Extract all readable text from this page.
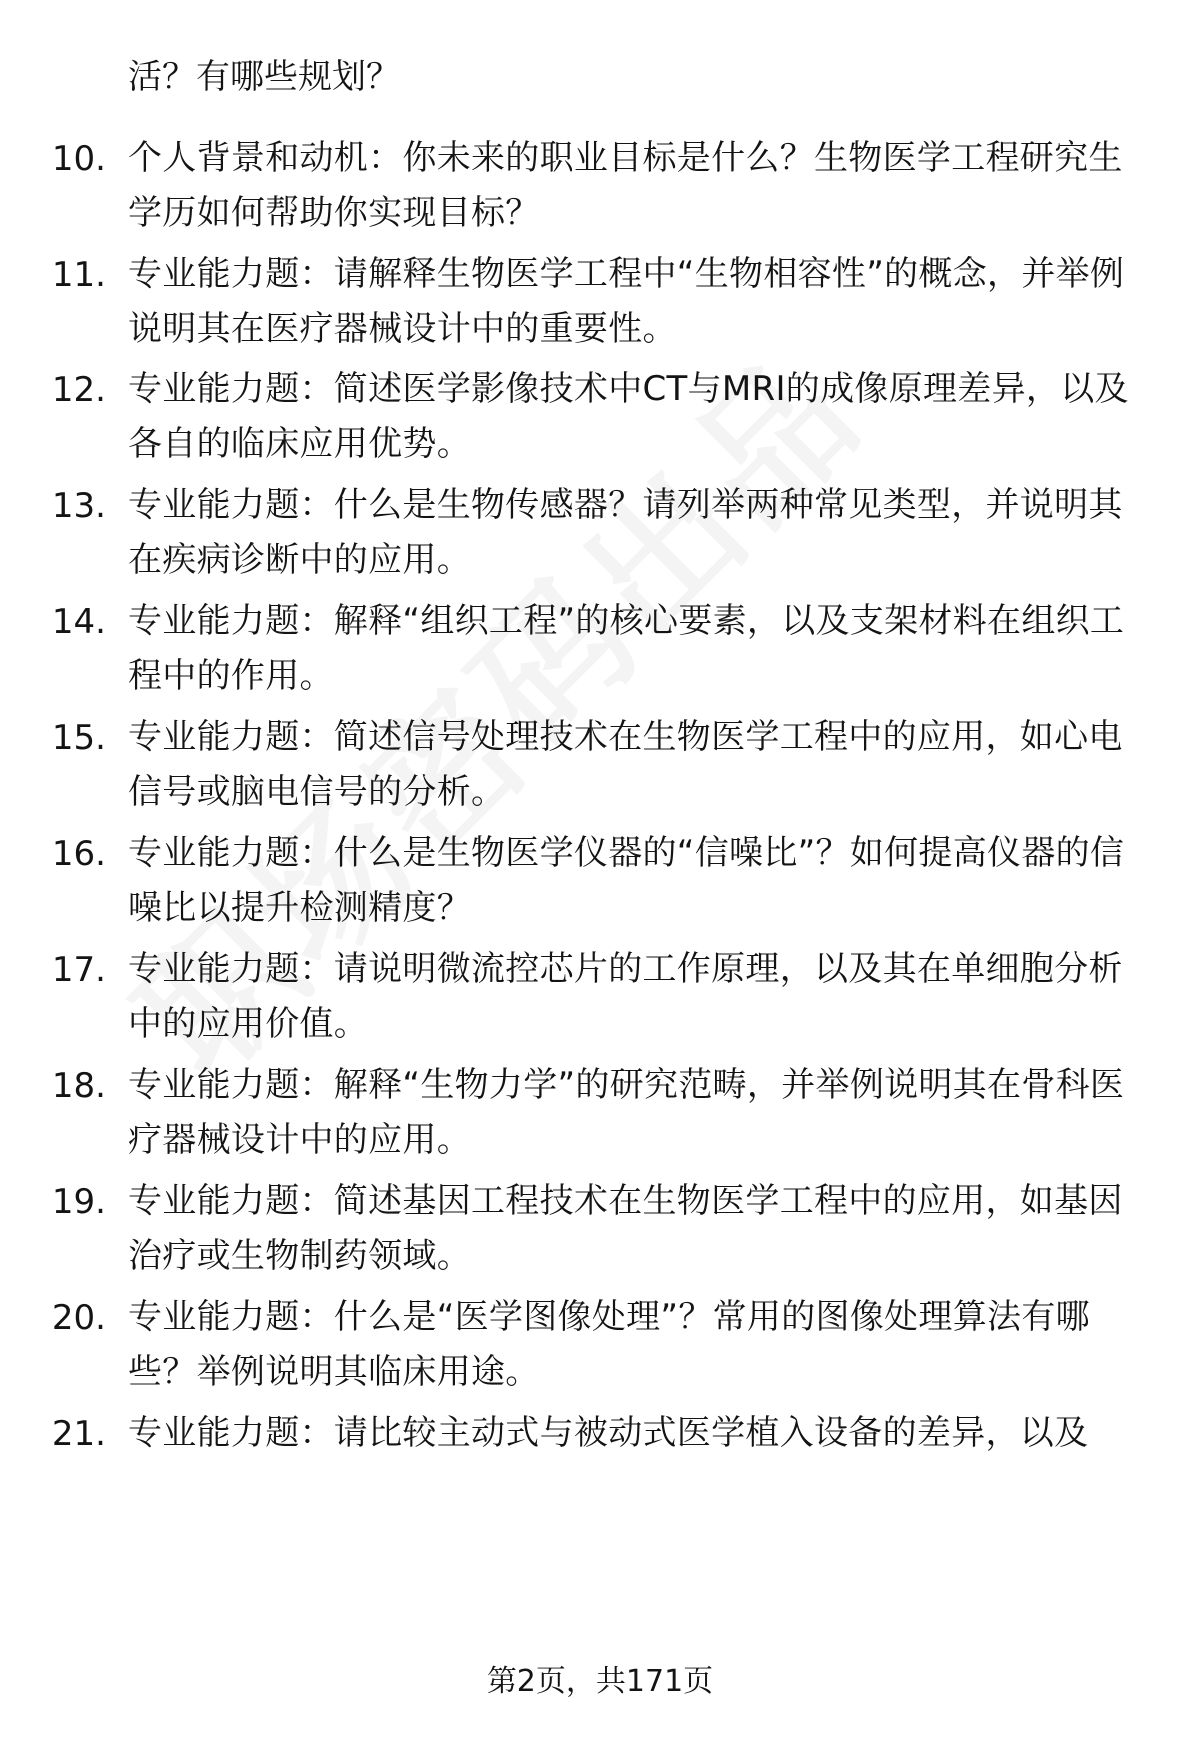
活？有哪些规划？
10. 个人背景和动机：你未来的职业目标是什么？生物医学工程研究生学历如何帮助你实现目标？
11. 专业能力题：请解释生物医学工程中“生物相容性”的概念，并举例说明其在医疗器械设计中的重要性。
12. 专业能力题：简述医学影像技术中CT与MRI的成像原理差异，以及各自的临床应用优势。
13. 专业能力题：什么是生物传感器？请列举两种常见类型，并说明其在疾病诊断中的应用。
14. 专业能力题：解释“组织工程”的核心要素，以及支架材料在组织工程中的作用。
15. 专业能力题：简述信号处理技术在生物医学工程中的应用，如心电信号或脑电信号的分析。
16. 专业能力题：什么是生物医学仪器的“信噪比”？如何提高仪器的信噪比以提升检测精度？
17. 专业能力题：请说明微流控芯片的工作原理，以及其在单细胞分析中的应用价值。
18. 专业能力题：解释“生物力学”的研究范畴，并举例说明其在骨科医疗器械设计中的应用。
19. 专业能力题：简述基因工程技术在生物医学工程中的应用，如基因治疗或生物制药领域。
20. 专业能力题：什么是“医学图像处理”？常用的图像处理算法有哪些？举例说明其临床用途。
21. 专业能力题：请比较主动式与被动式医学植入设备的差异，以及
第2页，共171页
